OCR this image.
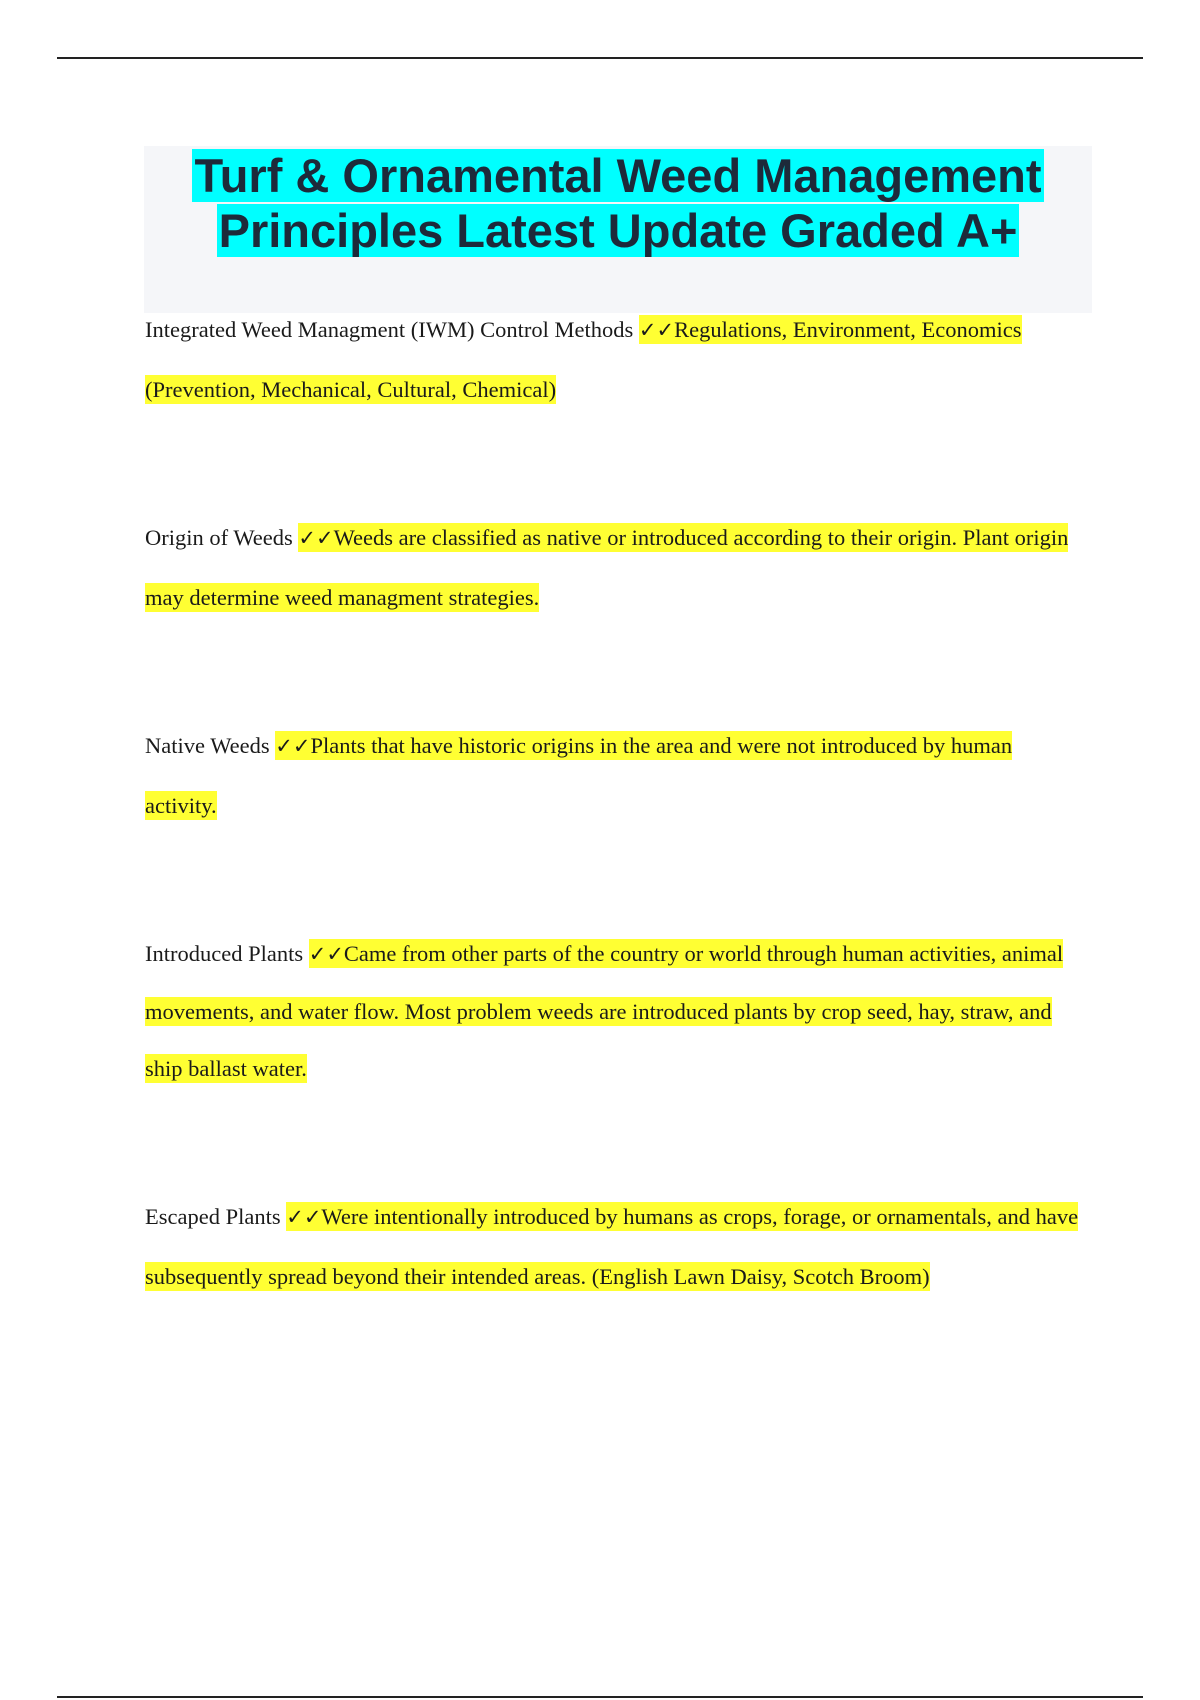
Turf & Ornamental Weed Management
Principles Latest Update Graded A+

Integrated Weed Managment (IWM) Control Methods ✓✓Regulations, Environment, Economics (Prevention, Mechanical, Cultural, Chemical)

Origin of Weeds ✓✓Weeds are classified as native or introduced according to their origin. Plant origin may determine weed managment strategies.

Native Weeds ✓✓Plants that have historic origins in the area and were not introduced by human activity.

Introduced Plants ✓✓Came from other parts of the country or world through human activities, animal movements, and water flow. Most problem weeds are introduced plants by crop seed, hay, straw, and ship ballast water.

Escaped Plants ✓✓Were intentionally introduced by humans as crops, forage, or ornamentals, and have subsequently spread beyond their intended areas. (English Lawn Daisy, Scotch Broom)
